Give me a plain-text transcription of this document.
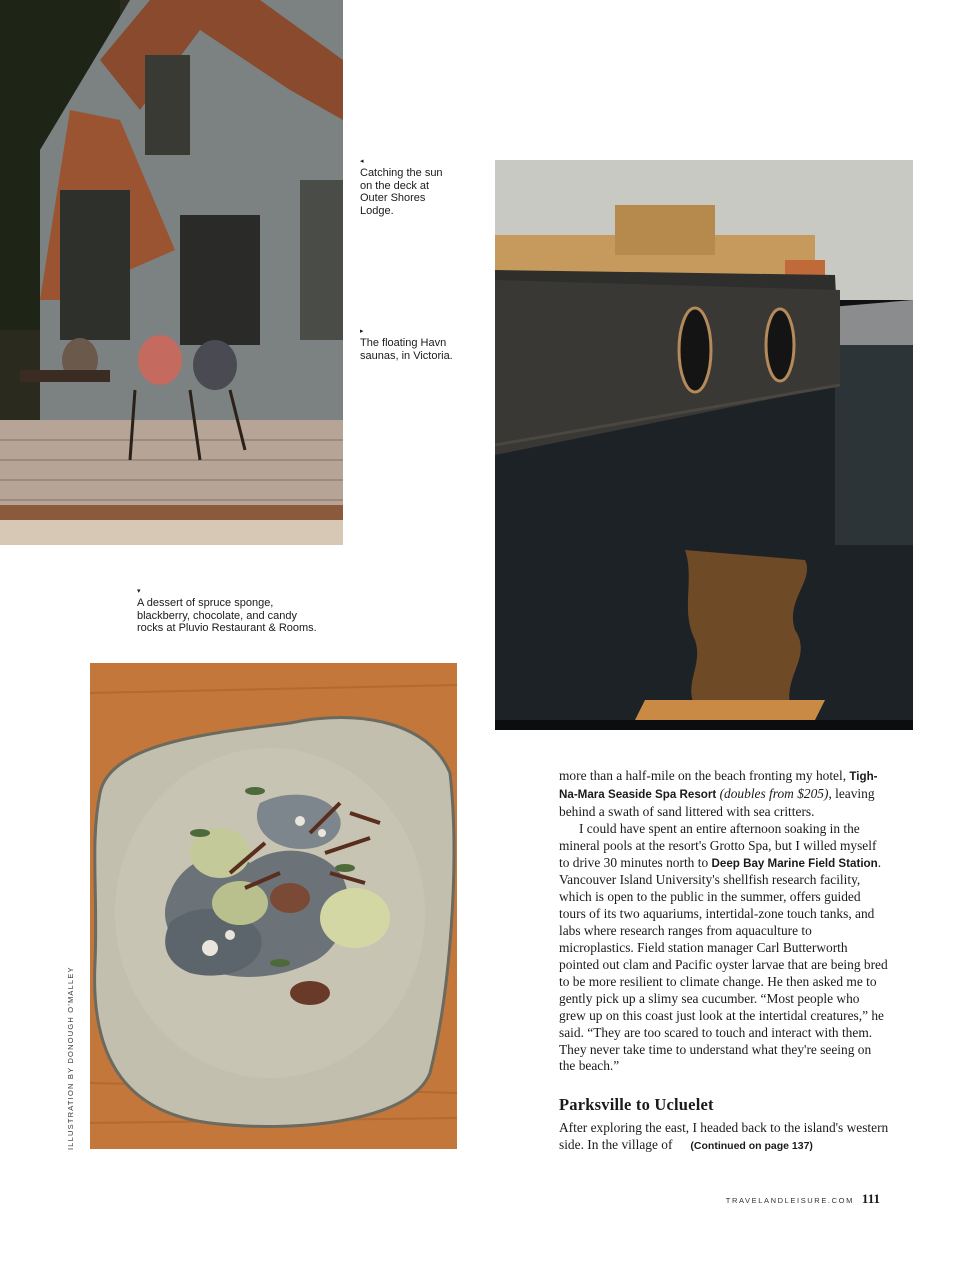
◂
Catching the sun on the deck at Outer Shores Lodge.
▸
The floating Havn saunas, in Victoria.
▾
A dessert of spruce sponge, blackberry, chocolate, and candy rocks at Pluvio Restaurant & Rooms.
ILLUSTRATION BY DONOUGH O'MALLEY

more than a half-mile on the beach fronting my hotel, Tigh-Na-Mara Seaside Spa Resort (doubles from $205), leaving behind a swath of sand littered with sea critters.

I could have spent an entire afternoon soaking in the mineral pools at the resort's Grotto Spa, but I willed myself to drive 30 minutes north to Deep Bay Marine Field Station. Vancouver Island University's shellfish research facility, which is open to the public in the summer, offers guided tours of its two aquariums, intertidal-zone touch tanks, and labs where research ranges from aquaculture to microplastics. Field station manager Carl Butterworth pointed out clam and Pacific oyster larvae that are being bred to be more resilient to climate change. He then asked me to gently pick up a slimy sea cucumber. “Most people who grew up on this coast just look at the intertidal creatures,” he said. “They are too scared to touch and interact with them. They never take time to understand what they're seeing on the beach.”

Parksville to Ucluelet

After exploring the east, I headed back to the island's western side. In the village of (Continued on page 137)

TRAVELANDLEISURE.COM 111
